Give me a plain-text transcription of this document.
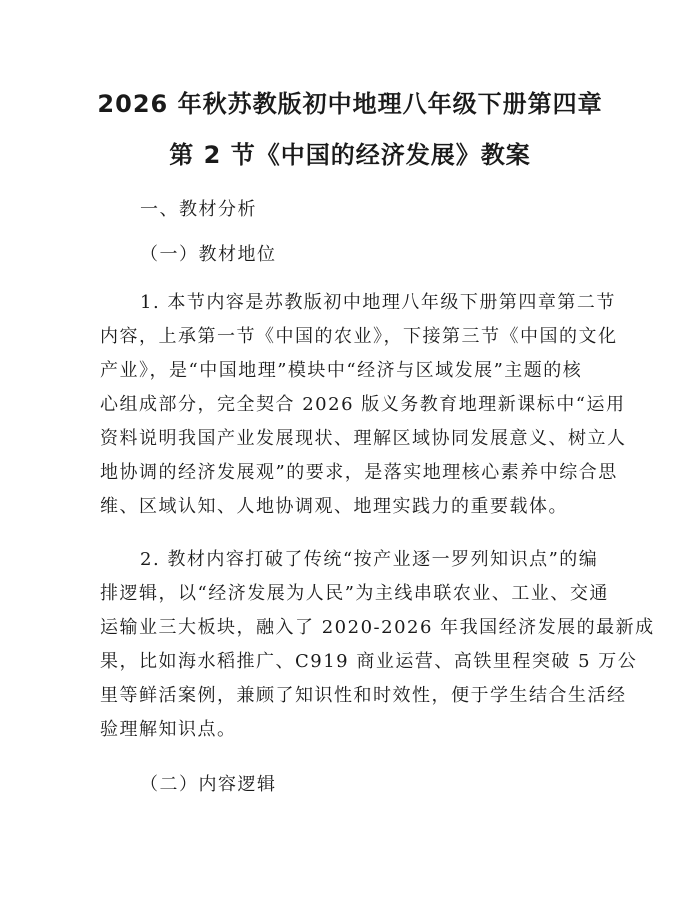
2026 年秋苏教版初中地理八年级下册第四章
第 2 节《中国的经济发展》教案
一、教材分析
（一）教材地位
1. 本节内容是苏教版初中地理八年级下册第四章第二节
内容，上承第一节《中国的农业》，下接第三节《中国的文化
产业》，是“中国地理”模块中“经济与区域发展”主题的核
心组成部分，完全契合 2026 版义务教育地理新课标中“运用
资料说明我国产业发展现状、理解区域协同发展意义、树立人
地协调的经济发展观”的要求，是落实地理核心素养中综合思
维、区域认知、人地协调观、地理实践力的重要载体。
2. 教材内容打破了传统“按产业逐一罗列知识点”的编
排逻辑，以“经济发展为人民”为主线串联农业、工业、交通
运输业三大板块，融入了 2020-2026 年我国经济发展的最新成
果，比如海水稻推广、C919 商业运营、高铁里程突破 5 万公
里等鲜活案例，兼顾了知识性和时效性，便于学生结合生活经
验理解知识点。
（二）内容逻辑
